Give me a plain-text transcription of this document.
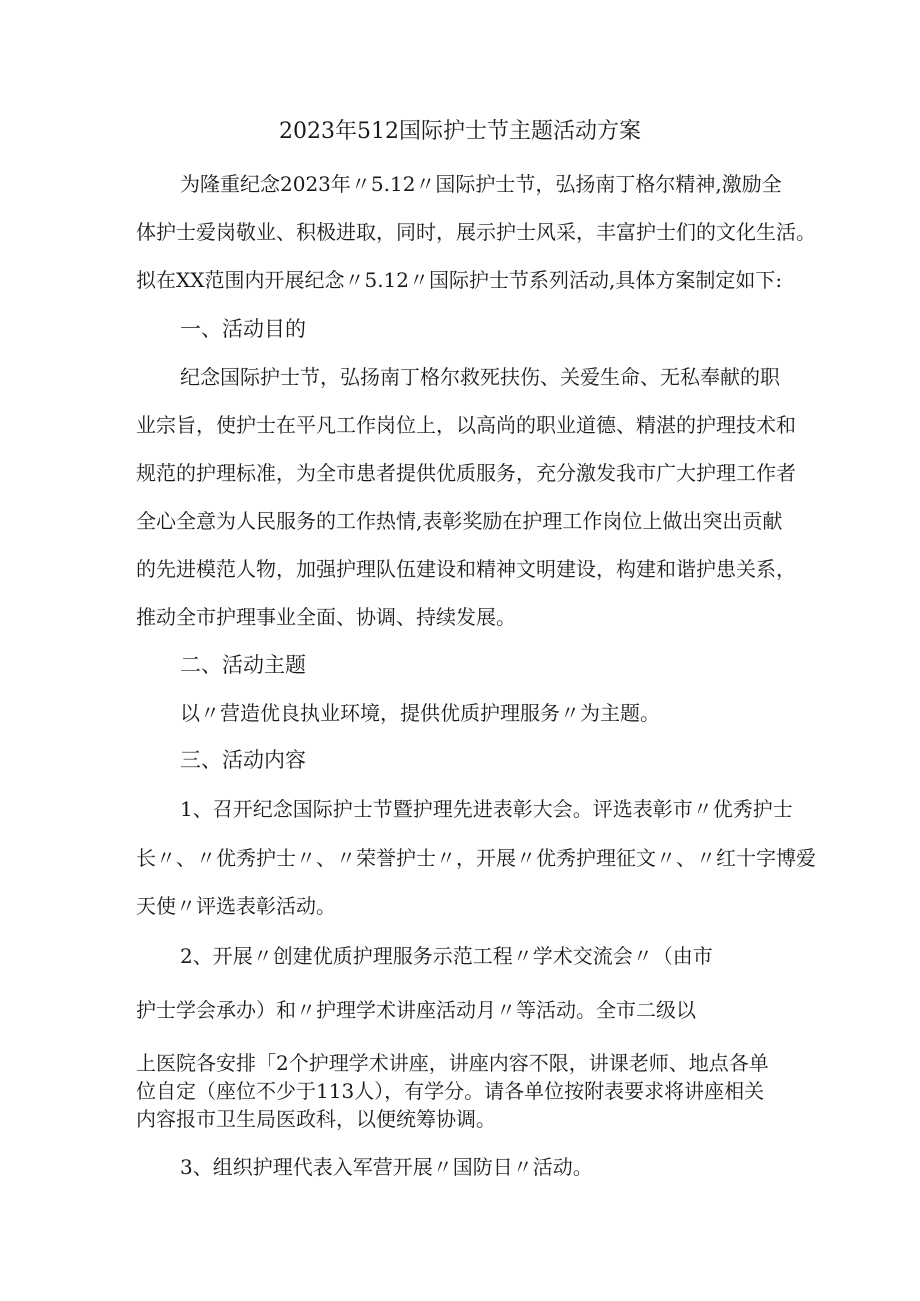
2023年512国际护士节主题活动方案
为隆重纪念2023年〃5.12〃国际护士节，弘扬南丁格尔精神,激励全
体护士爱岗敬业、积极进取，同时，展示护士风采，丰富护士们的文化生活。
拟在XX范围内开展纪念〃5.12〃国际护士节系列活动,具体方案制定如下:
一、活动目的
纪念国际护士节，弘扬南丁格尔救死扶伤、关爱生命、无私奉献的职
业宗旨，使护士在平凡工作岗位上，以高尚的职业道德、精湛的护理技术和
规范的护理标准，为全市患者提供优质服务，充分激发我市广大护理工作者
全心全意为人民服务的工作热情,表彰奖励在护理工作岗位上做出突出贡献
的先进模范人物，加强护理队伍建设和精神文明建设，构建和谐护患关系，
推动全市护理事业全面、协调、持续发展。
二、活动主题
以〃营造优良执业环境，提供优质护理服务〃为主题。
三、活动内容
1、召开纪念国际护士节暨护理先进表彰大会。评选表彰市〃优秀护士
长〃、〃优秀护士〃、〃荣誉护士〃，开展〃优秀护理征文〃、〃红十字博爱
天使〃评选表彰活动。
2、开展〃创建优质护理服务示范工程〃学术交流会〃（由市
护士学会承办）和〃护理学术讲座活动月〃等活动。全市二级以
上医院各安排「2个护理学术讲座，讲座内容不限，讲课老师、地点各单
位自定（座位不少于113人），有学分。请各单位按附表要求将讲座相关
内容报市卫生局医政科，以便统筹协调。
3、组织护理代表入军营开展〃国防日〃活动。
